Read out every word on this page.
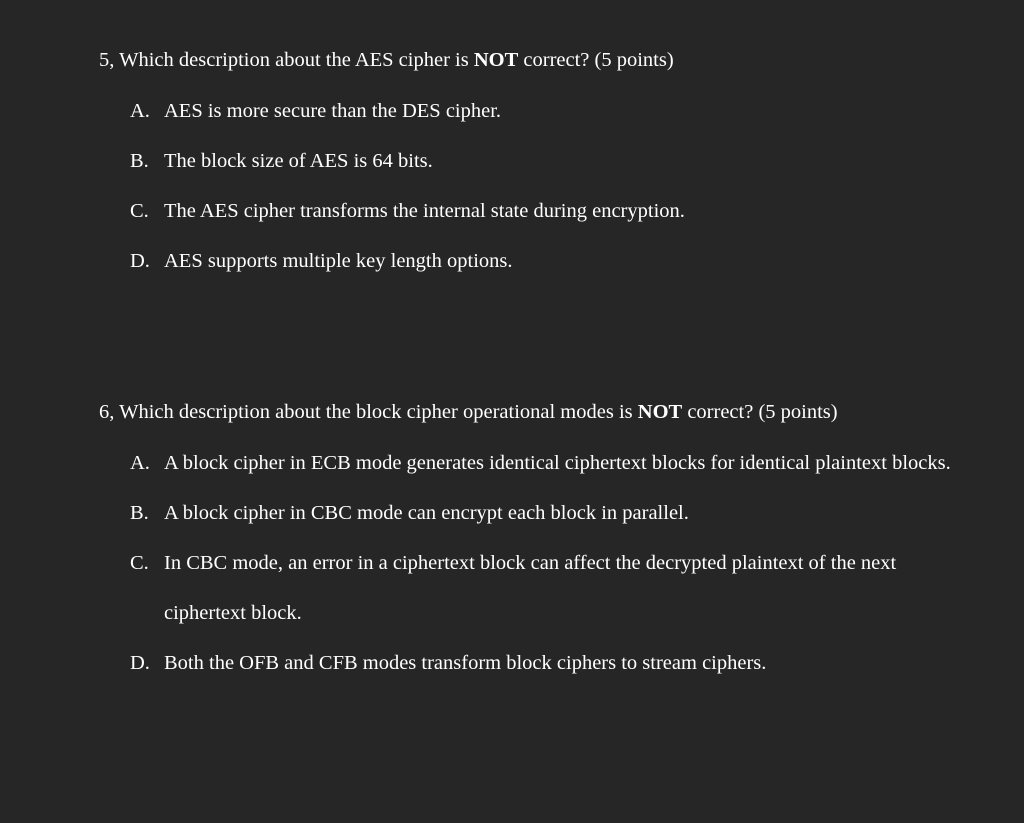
5, Which description about the AES cipher is NOT correct? (5 points)
A. AES is more secure than the DES cipher.
B. The block size of AES is 64 bits.
C. The AES cipher transforms the internal state during encryption.
D. AES supports multiple key length options.
6, Which description about the block cipher operational modes is NOT correct? (5 points)
A. A block cipher in ECB mode generates identical ciphertext blocks for identical plaintext blocks.
B. A block cipher in CBC mode can encrypt each block in parallel.
C. In CBC mode, an error in a ciphertext block can affect the decrypted plaintext of the next
ciphertext block.
D. Both the OFB and CFB modes transform block ciphers to stream ciphers.
